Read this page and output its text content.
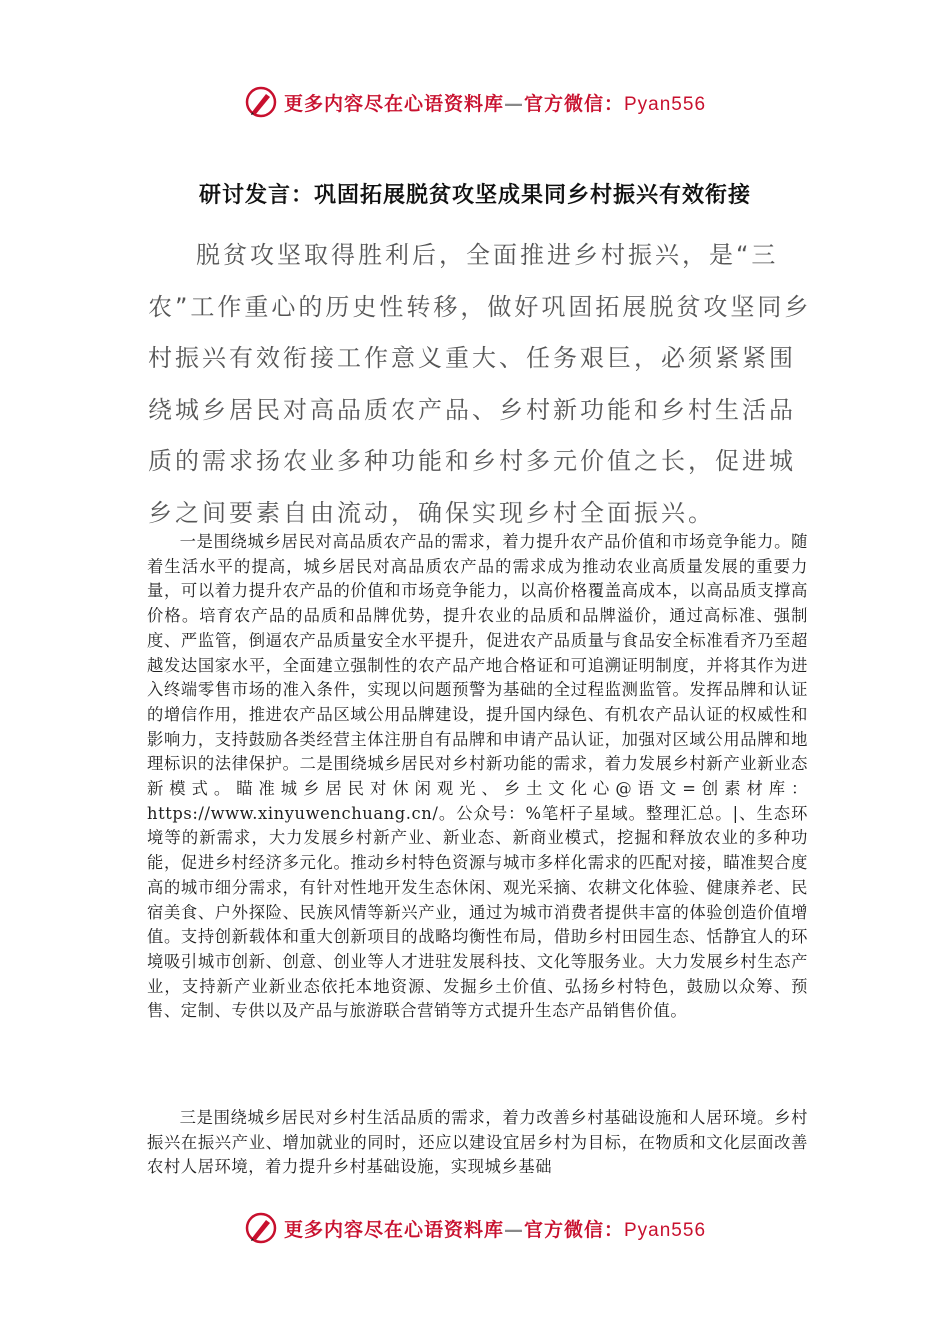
更多内容尽在心语资料库—官方微信：Pyan556
研讨发言：巩固拓展脱贫攻坚成果同乡村振兴有效衔接

脱贫攻坚取得胜利后，全面推进乡村振兴，是“三农”工作重心的历史性转移，做好巩固拓展脱贫攻坚同乡村振兴有效衔接工作意义重大、任务艰巨，必须紧紧围绕城乡居民对高品质农产品、乡村新功能和乡村生活品质的需求扬农业多种功能和乡村多元价值之长，促进城乡之间要素自由流动，确保实现乡村全面振兴。

一是围绕城乡居民对高品质农产品的需求，着力提升农产品价值和市场竞争能力。随着生活水平的提高，城乡居民对高品质农产品的需求成为推动农业高质量发展的重要力量，可以着力提升农产品的价值和市场竞争能力，以高价格覆盖高成本，以高品质支撑高价格。培育农产品的品质和品牌优势，提升农业的品质和品牌溢价，通过高标准、强制度、严监管，倒逼农产品质量安全水平提升，促进农产品质量与食品安全标准看齐乃至超越发达国家水平，全面建立强制性的农产品产地合格证和可追溯证明制度，并将其作为进入终端零售市场的准入条件，实现以问题预警为基础的全过程监测监管。发挥品牌和认证的增信作用，推进农产品区域公用品牌建设，提升国内绿色、有机农产品认证的权威性和影响力，支持鼓励各类经营主体注册自有品牌和申请产品认证，加强对区域公用品牌和地理标识的法律保护。二是围绕城乡居民对乡村新功能的需求，着力发展乡村新产业新业态新模式。瞄准城乡居民对休闲观光、乡土文化心@语文=创素材库：https://www.xinyuwenchuang.cn/。公众号：%笔杆子星域。整理汇总。|、生态环境等的新需求，大力发展乡村新产业、新业态、新商业模式，挖掘和释放农业的多种功能，促进乡村经济多元化。推动乡村特色资源与城市多样化需求的匹配对接，瞄准契合度高的城市细分需求，有针对性地开发生态休闲、观光采摘、农耕文化体验、健康养老、民宿美食、户外探险、民族风情等新兴产业，通过为城市消费者提供丰富的体验创造价值增值。支持创新载体和重大创新项目的战略均衡性布局，借助乡村田园生态、恬静宜人的环境吸引城市创新、创意、创业等人才进驻发展科技、文化等服务业。大力发展乡村生态产业，支持新产业新业态依托本地资源、发掘乡土价值、弘扬乡村特色，鼓励以众筹、预售、定制、专供以及产品与旅游联合营销等方式提升生态产品销售价值。

三是围绕城乡居民对乡村生活品质的需求，着力改善乡村基础设施和人居环境。乡村振兴在振兴产业、增加就业的同时，还应以建设宜居乡村为目标，在物质和文化层面改善农村人居环境，着力提升乡村基础设施，实现城乡基础

更多内容尽在心语资料库—官方微信：Pyan556
